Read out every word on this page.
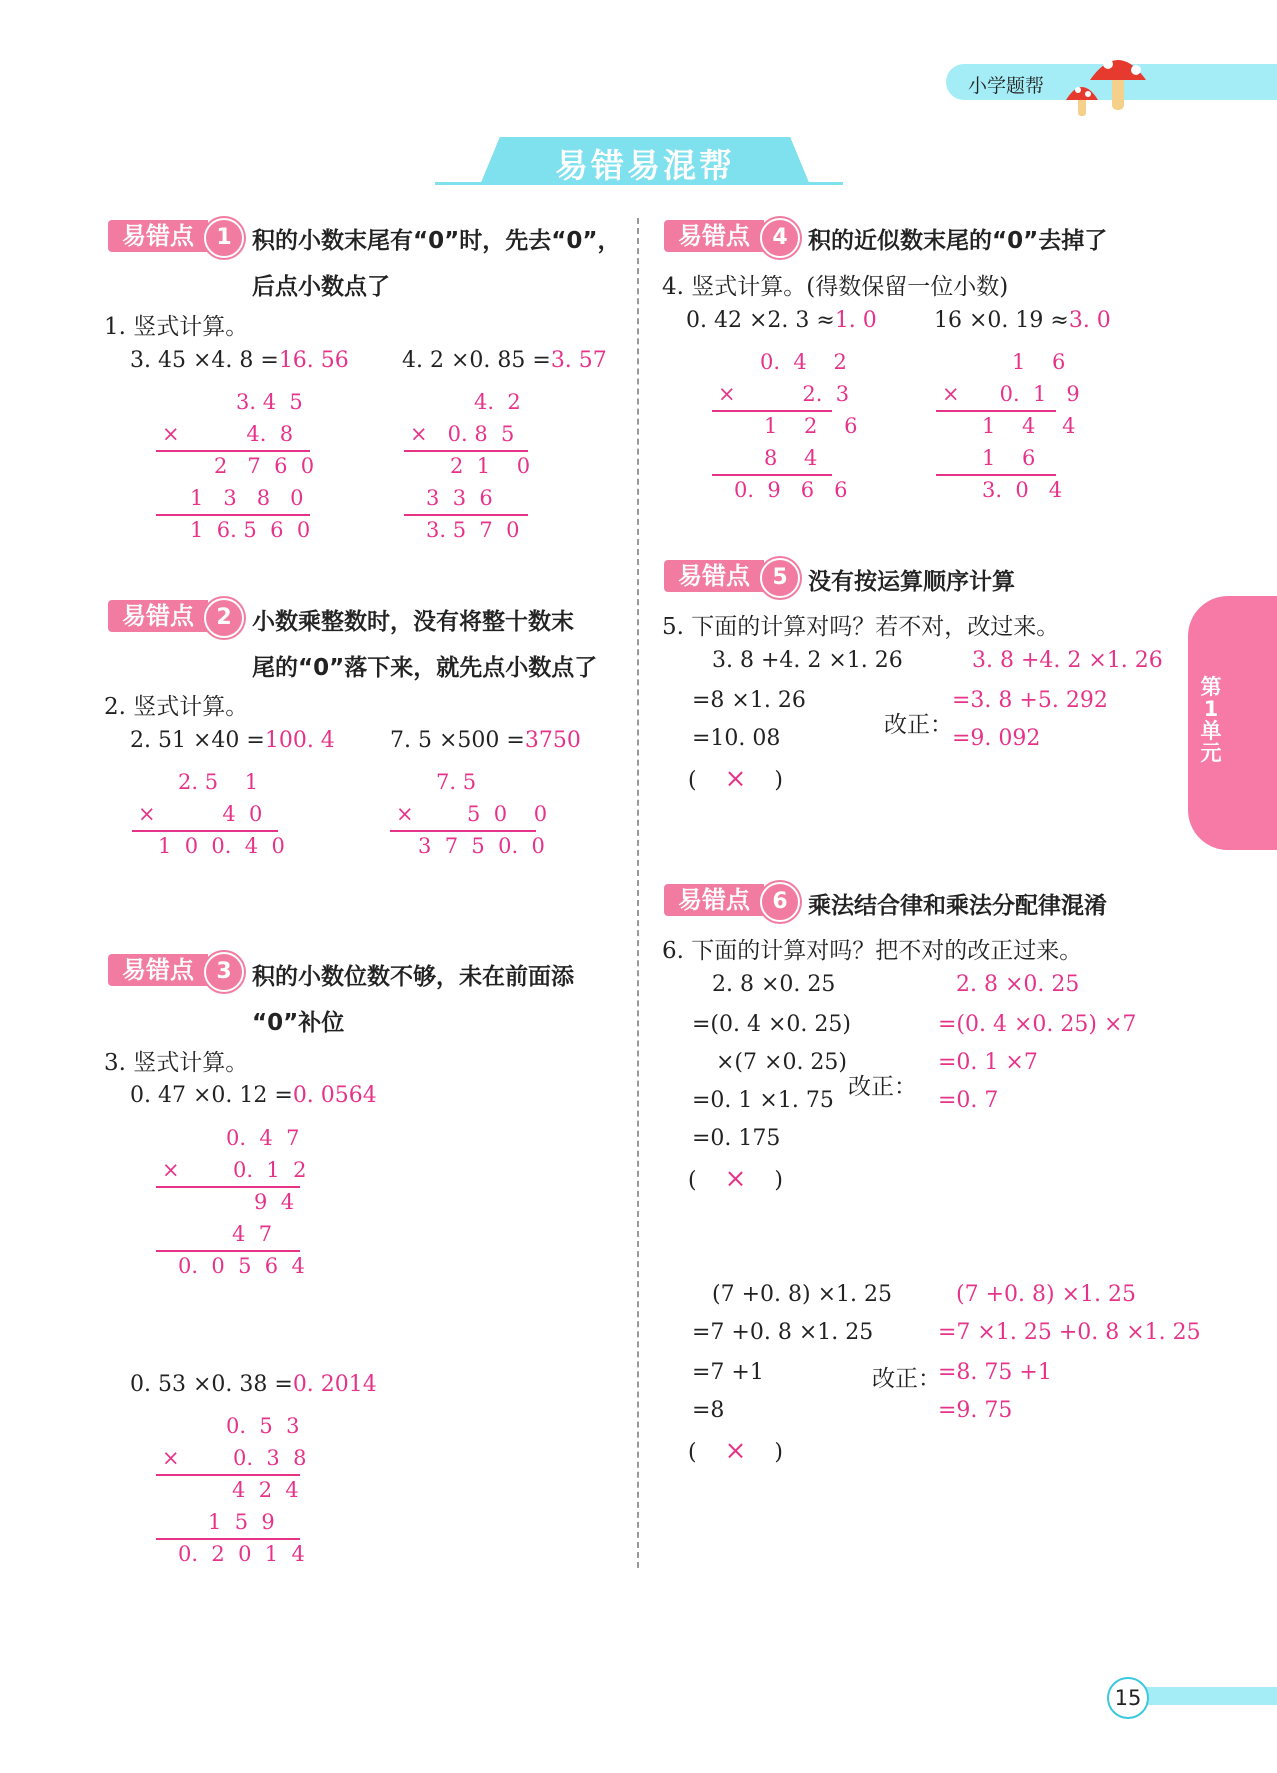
小学题帮
易错易混帮
第1单元
15
易错点	1 积的小数末尾有“0”时，先去“0”，
后点小数点了
1. 竖式计算。
3. 45 ×4. 8 =16. 56 4. 2 ×0. 85 =3. 57
3. 4  5
×          4.  8
2   7  6  0
1   3   8   0
1  6. 5  6  0
4.  2
×   0. 8  5
2  1    0
3  3  6
3. 5  7  0
易错点	2 小数乘整数时，没有将整十数末
尾的“0”落下来，就先点小数点了
2. 竖式计算。
2. 51 ×40 =100. 4	7. 5 ×500 =3750
2. 5    1
×          4  0
1  0  0.  4  0
7. 5
×        5  0    0
3  7  5  0.  0
易错点	3 积的小数位数不够，未在前面添
“0”补位
3. 竖式计算。
0. 47 ×0. 12 =0. 0564
0.  4  7
×        0.  1  2
9  4
4  7
0.  0  5  6  4
0. 53 ×0. 38 =0. 2014
0.  5  3
×        0.  3  8
4  2  4
1  5  9
0.  2  0  1  4
易错点	4 积的近似数末尾的“0”去掉了
4. 竖式计算。(得数保留一位小数)
0. 42 ×2. 3 ≈1. 0	16 ×0. 19 ≈3. 0
0.  4    2
×          2.  3
1    2    6
8    4
0.  9   6   6
1    6
×      0.  1   9
1    4    4
1    6
3.  0   4
易错点	5 没有按运算顺序计算
5. 下面的计算对吗？若不对，改过来。
3. 8 +4. 2 ×1. 26
=8 ×1. 26
=10. 08
( × )
改正：
3. 8 +4. 2 ×1. 26
=3. 8 +5. 292
=9. 092
易错点	6 乘法结合律和乘法分配律混淆
6. 下面的计算对吗？把不对的改正过来。
2. 8 ×0. 25
=(0. 4 ×0. 25)
×(7 ×0. 25)
=0. 1 ×1. 75
=0. 175
( × )
改正：
2. 8 ×0. 25
=(0. 4 ×0. 25) ×7
=0. 1 ×7
=0. 7
(7 +0. 8) ×1. 25
=7 +0. 8 ×1. 25
=7 +1
=8
( × )
改正：
(7 +0. 8) ×1. 25
=7 ×1. 25 +0. 8 ×1. 25
=8. 75 +1
=9. 75
